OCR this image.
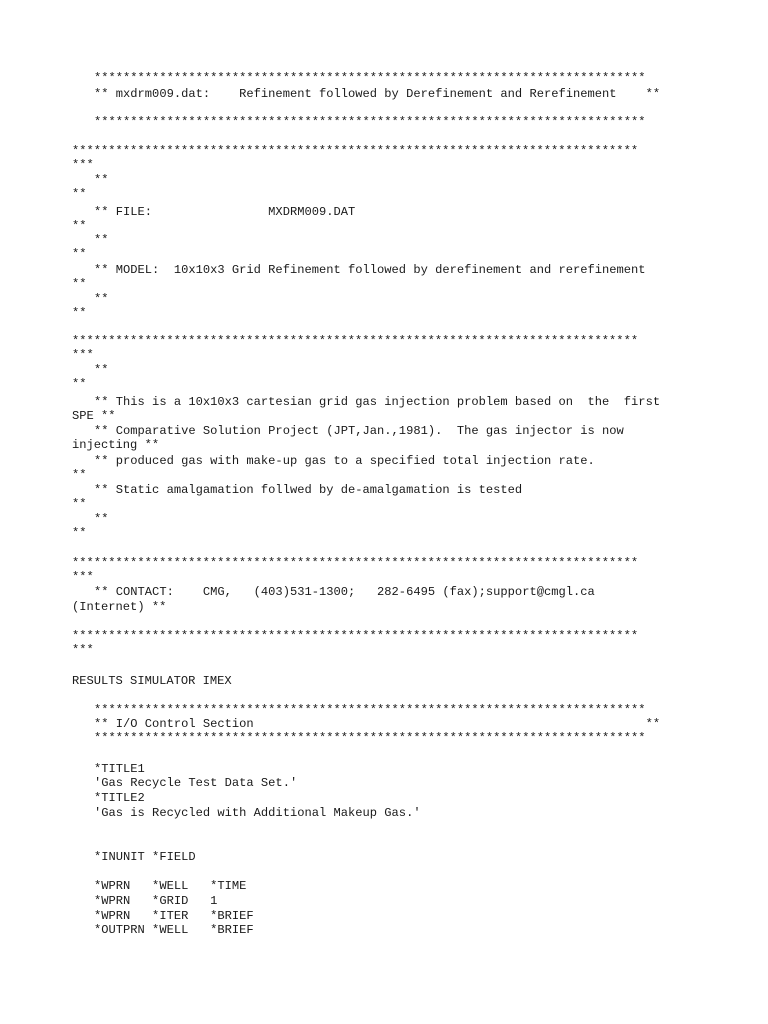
****************************************************************************
** mxdrm009.dat:    Refinement followed by Derefinement and Rerefinement    **
****************************************************************************
******************************************************************************
***
**
**
** FILE:                MXDRM009.DAT
**
**
**
** MODEL:  10x10x3 Grid Refinement followed by derefinement and rerefinement
**
**
**
******************************************************************************
***
**
**
** This is a 10x10x3 cartesian grid gas injection problem based on  the  first
SPE **
** Comparative Solution Project (JPT,Jan.,1981).  The gas injector is now
injecting **
** produced gas with make-up gas to a specified total injection rate.
**
** Static amalgamation follwed by de-amalgamation is tested
**
**
**
******************************************************************************
***
** CONTACT:    CMG,   (403)531-1300;   282-6495 (fax);support@cmgl.ca
(Internet) **
******************************************************************************
***
RESULTS SIMULATOR IMEX
****************************************************************************
** I/O Control Section                                                      **
****************************************************************************
*TITLE1
'Gas Recycle Test Data Set.'
*TITLE2
'Gas is Recycled with Additional Makeup Gas.'
*INUNIT *FIELD
*WPRN   *WELL   *TIME
*WPRN   *GRID   1
*WPRN   *ITER   *BRIEF
*OUTPRN *WELL   *BRIEF
